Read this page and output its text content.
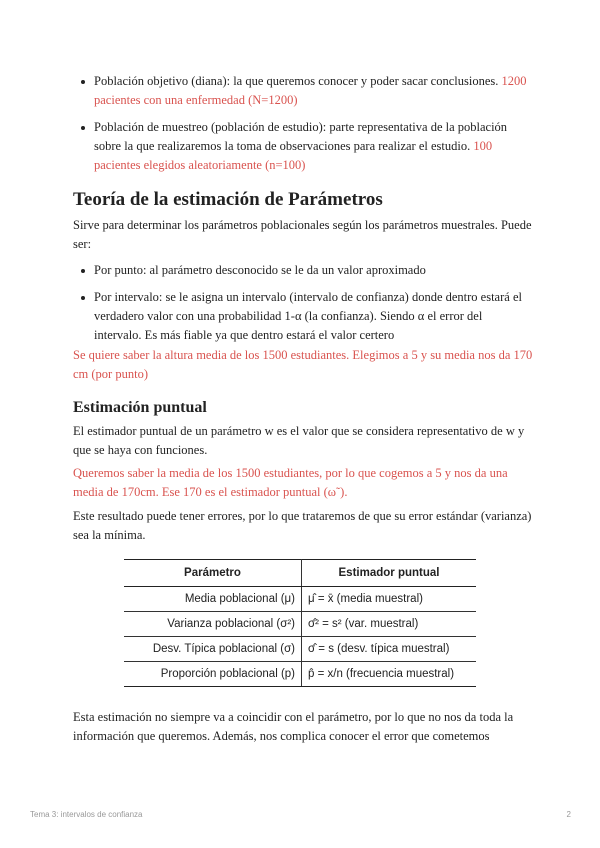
Población objetivo (diana): la que queremos conocer y poder sacar conclusiones. 1200 pacientes con una enfermedad (N=1200)
Población de muestreo (población de estudio): parte representativa de la población sobre la que realizaremos la toma de observaciones para realizar el estudio. 100 pacientes elegidos aleatoriamente (n=100)
Teoría de la estimación de Parámetros

Sirve para determinar los parámetros poblacionales según los parámetros muestrales. Puede ser:

Por punto: al parámetro desconocido se le da un valor aproximado
Por intervalo: se le asigna un intervalo (intervalo de confianza) donde dentro estará el verdadero valor con una probabilidad 1-α (la confianza). Siendo α el error del intervalo. Es más fiable ya que dentro estará el valor certero

Se quiere saber la altura media de los 1500 estudiantes. Elegimos a 5 y su media nos da 170 cm (por punto)

Estimación puntual

El estimador puntual de un parámetro w es el valor que se considera representativo de w y que se haya con funciones.

Queremos saber la media de los 1500 estudiantes, por lo que cogemos a 5 y nos da una media de 170cm. Ese 170 es el estimador puntual (ω˜).

Este resultado puede tener errores, por lo que trataremos de que su error estándar (varianza) sea la mínima.

Parámetro	Estimador puntual
Media poblacional (μ)	μ̂ = x̄ (media muestral)
Varianza poblacional (σ²)	σ̂² = s² (var. muestral)
Desv. Típica poblacional (σ)	σ̂ = s (desv. típica muestral)
Proporción poblacional (p)	p̂ = x/n (frecuencia muestral)

Esta estimación no siempre va a coincidir con el parámetro, por lo que no nos da toda la información que queremos. Además, nos complica conocer el error que cometemos

Tema 3: intervalos de confianza	2
